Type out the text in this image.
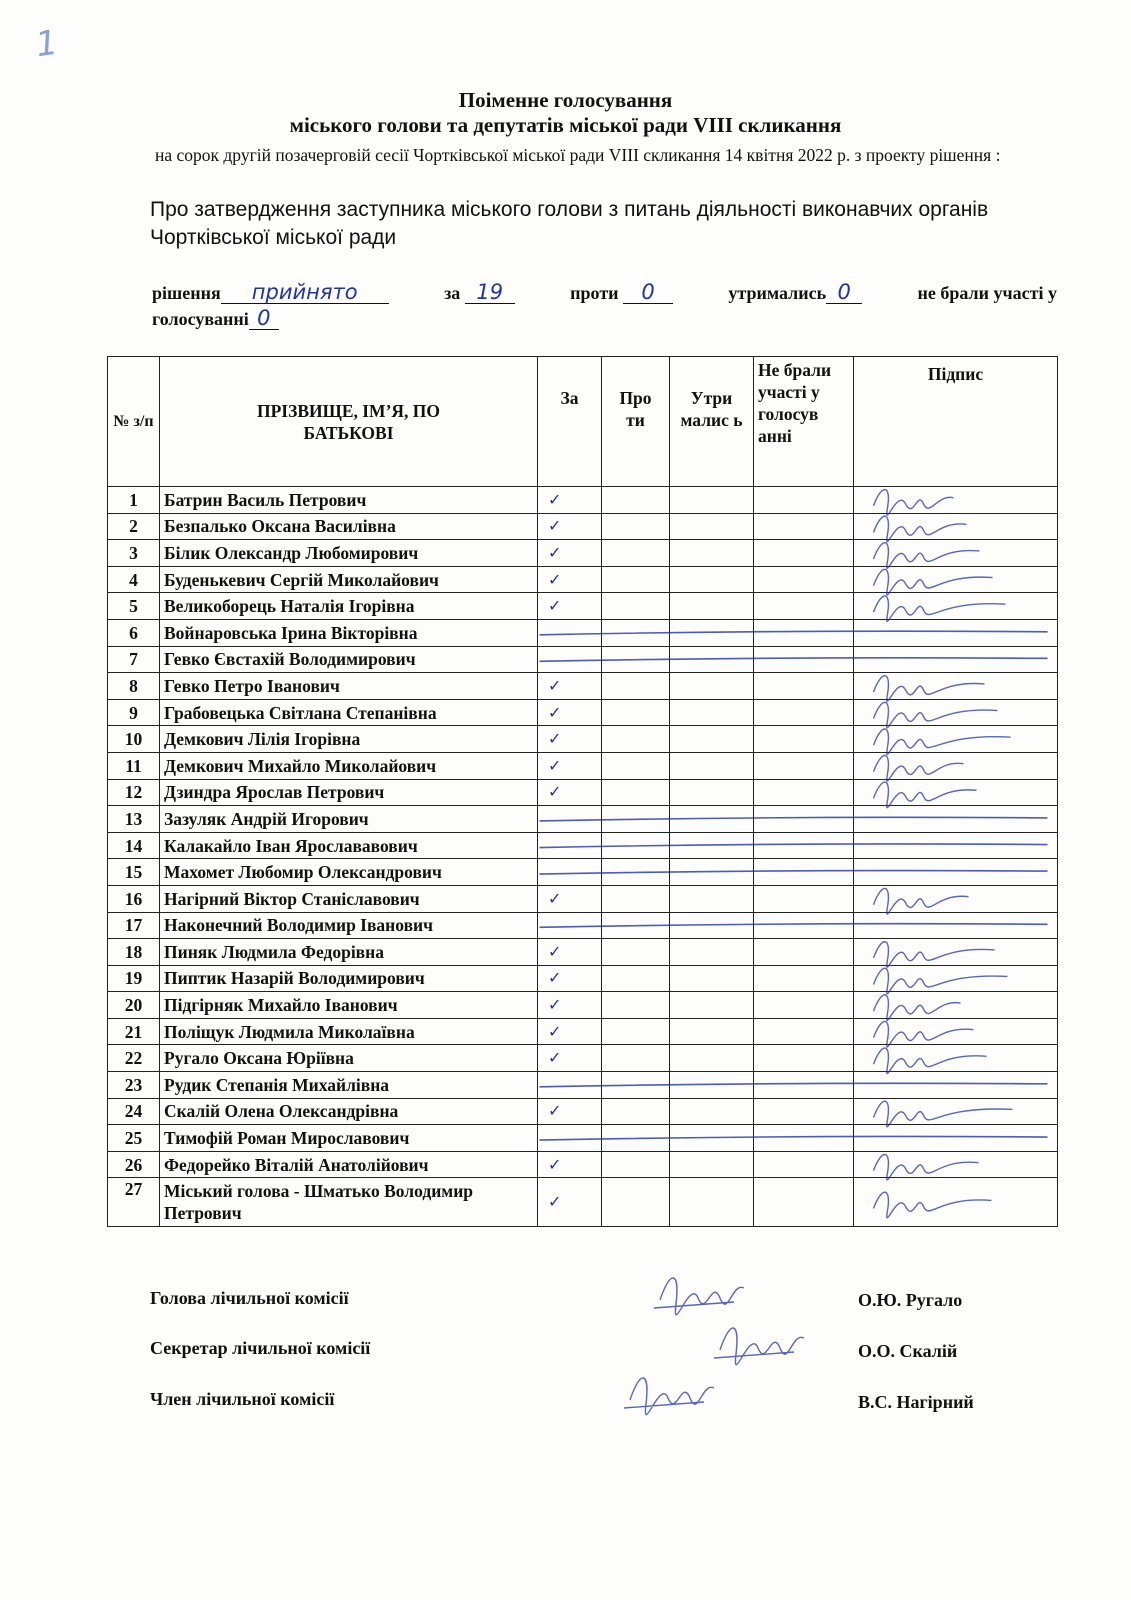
1
Поіменне голосування
міського голови та депутатів міської ради VIII скликання
на сорок другій позачерговій сесії Чортківської міської ради VIII скликання 14 квітня 2022 р. з проекту рішення :
Про затвердження заступника міського голови з питань діяльності виконавчих органів Чортківської міської ради
рішення прийнято	за 19	проти 0	утримались 0	не брали участі у
голосуванні 0
№ з/п	ПРІЗВИЩЕ, ІМ’Я, ПО БАТЬКОВІ	За	Про ти	Утри малис ь	Не брали участі у голосув анні	Підпис
1	Батрин Василь Петрович	✓				
2	Безпалько Оксана Василівна	✓				
3	Білик Олександр Любомирович	✓				
4	Буденькевич Сергій Миколайович	✓				
5	Великоборець Наталія Ігорівна	✓				
6	Войнаровська Ірина Вікторівна					
7	Гевко Євстахій Володимирович					
8	Гевко Петро Іванович	✓				
9	Грабовецька Світлана Степанівна	✓				
10	Демкович Лілія Ігорівна	✓				
11	Демкович Михайло Миколайович	✓				
12	Дзиндра Ярослав Петрович	✓				
13	Зазуляк Андрій Игорович					
14	Калакайло Іван Ярослававович					
15	Махомет Любомир Олександрович					
16	Нагірний Віктор Станіславович	✓				
17	Наконечний Володимир Іванович					
18	Пиняк Людмила Федорівна	✓				
19	Пиптик Назарій Володимирович	✓				
20	Підгірняк Михайло Іванович	✓				
21	Поліщук Людмила Миколаївна	✓				
22	Ругало Оксана Юріївна	✓				
23	Рудик Степанія Михайлівна					
24	Скалій Олена Олександрівна	✓				
25	Тимофій Роман Мирославович					
26	Федорейко Віталій Анатолійович	✓				
27	Міський голова - Шматько Володимир Петрович	✓				
Голова лічильної комісії	О.Ю. Ругало
Секретар лічильної комісії	О.О. Скалій
Член лічильної комісії	В.С. Нагірний
